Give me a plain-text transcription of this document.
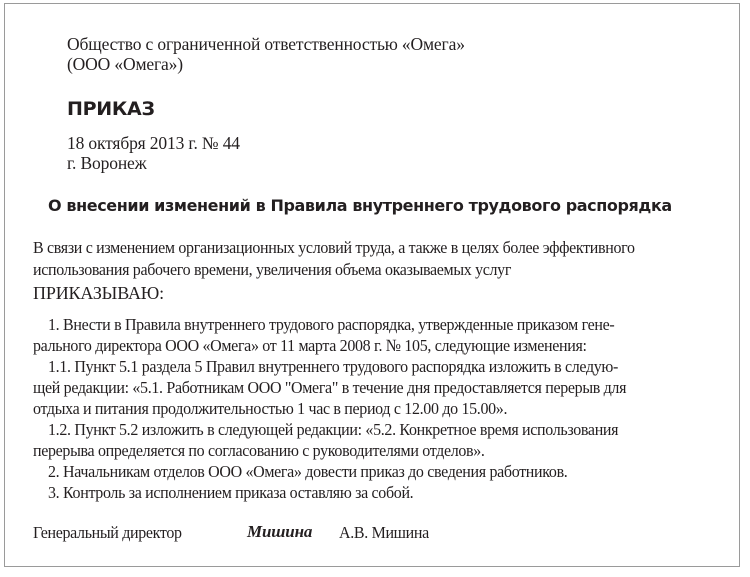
Общество с ограниченной ответственностью «Омега»
(ООО «Омега»)
ПРИКАЗ
18 октября 2013 г. № 44
г. Воронеж
О внесении изменений в Правила внутреннего трудового распорядка
В связи с изменением организационных условий труда, а также в целях более эффективного
использования рабочего времени, увеличения объема оказываемых услуг
ПРИКАЗЫВАЮ:
1. Внести в Правила внутреннего трудового распорядка, утвержденные приказом гене-
рального директора ООО «Омега» от 11 марта 2008 г. № 105, следующие изменения:
1.1. Пункт 5.1 раздела 5 Правил внутреннего трудового распорядка изложить в следую-
щей редакции: «5.1. Работникам ООО "Омега" в течение дня предоставляется перерыв для
отдыха и питания продолжительностью 1 час в период с 12.00 до 15.00».
1.2. Пункт 5.2 изложить в следующей редакции: «5.2. Конкретное время использования
перерыва определяется по согласованию с руководителями отделов».
2. Начальникам отделов ООО «Омега» довести приказ до сведения работников.
3. Контроль за исполнением приказа оставляю за собой.
Генеральный директор	Мишина А.В. Мишина
